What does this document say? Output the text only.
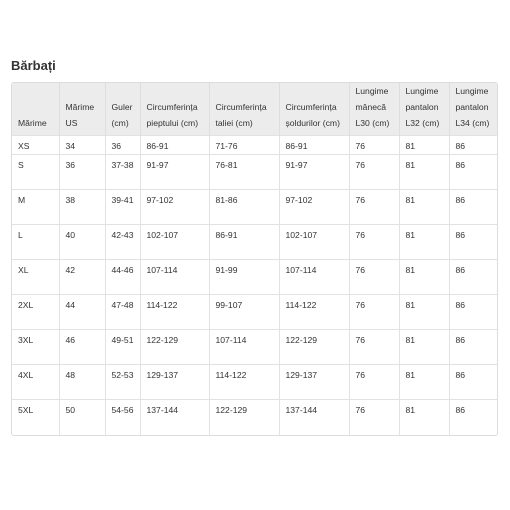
Bărbați
Mărime	Mărime US	Guler (cm)	Circumferința pieptului (cm)	Circumferința taliei (cm)	Circumferința șoldurilor (cm)	Lungime mânecă L30 (cm)	Lungime pantalon L32 (cm)	Lungime pantalon L34 (cm)
XS	34	36	86-91	71-76	86-91	76	81	86
S	36	37-38	91-97	76-81	91-97	76	81	86
M	38	39-41	97-102	81-86	97-102	76	81	86
L	40	42-43	102-107	86-91	102-107	76	81	86
XL	42	44-46	107-114	91-99	107-114	76	81	86
2XL	44	47-48	114-122	99-107	114-122	76	81	86
3XL	46	49-51	122-129	107-114	122-129	76	81	86
4XL	48	52-53	129-137	114-122	129-137	76	81	86
5XL	50	54-56	137-144	122-129	137-144	76	81	86
